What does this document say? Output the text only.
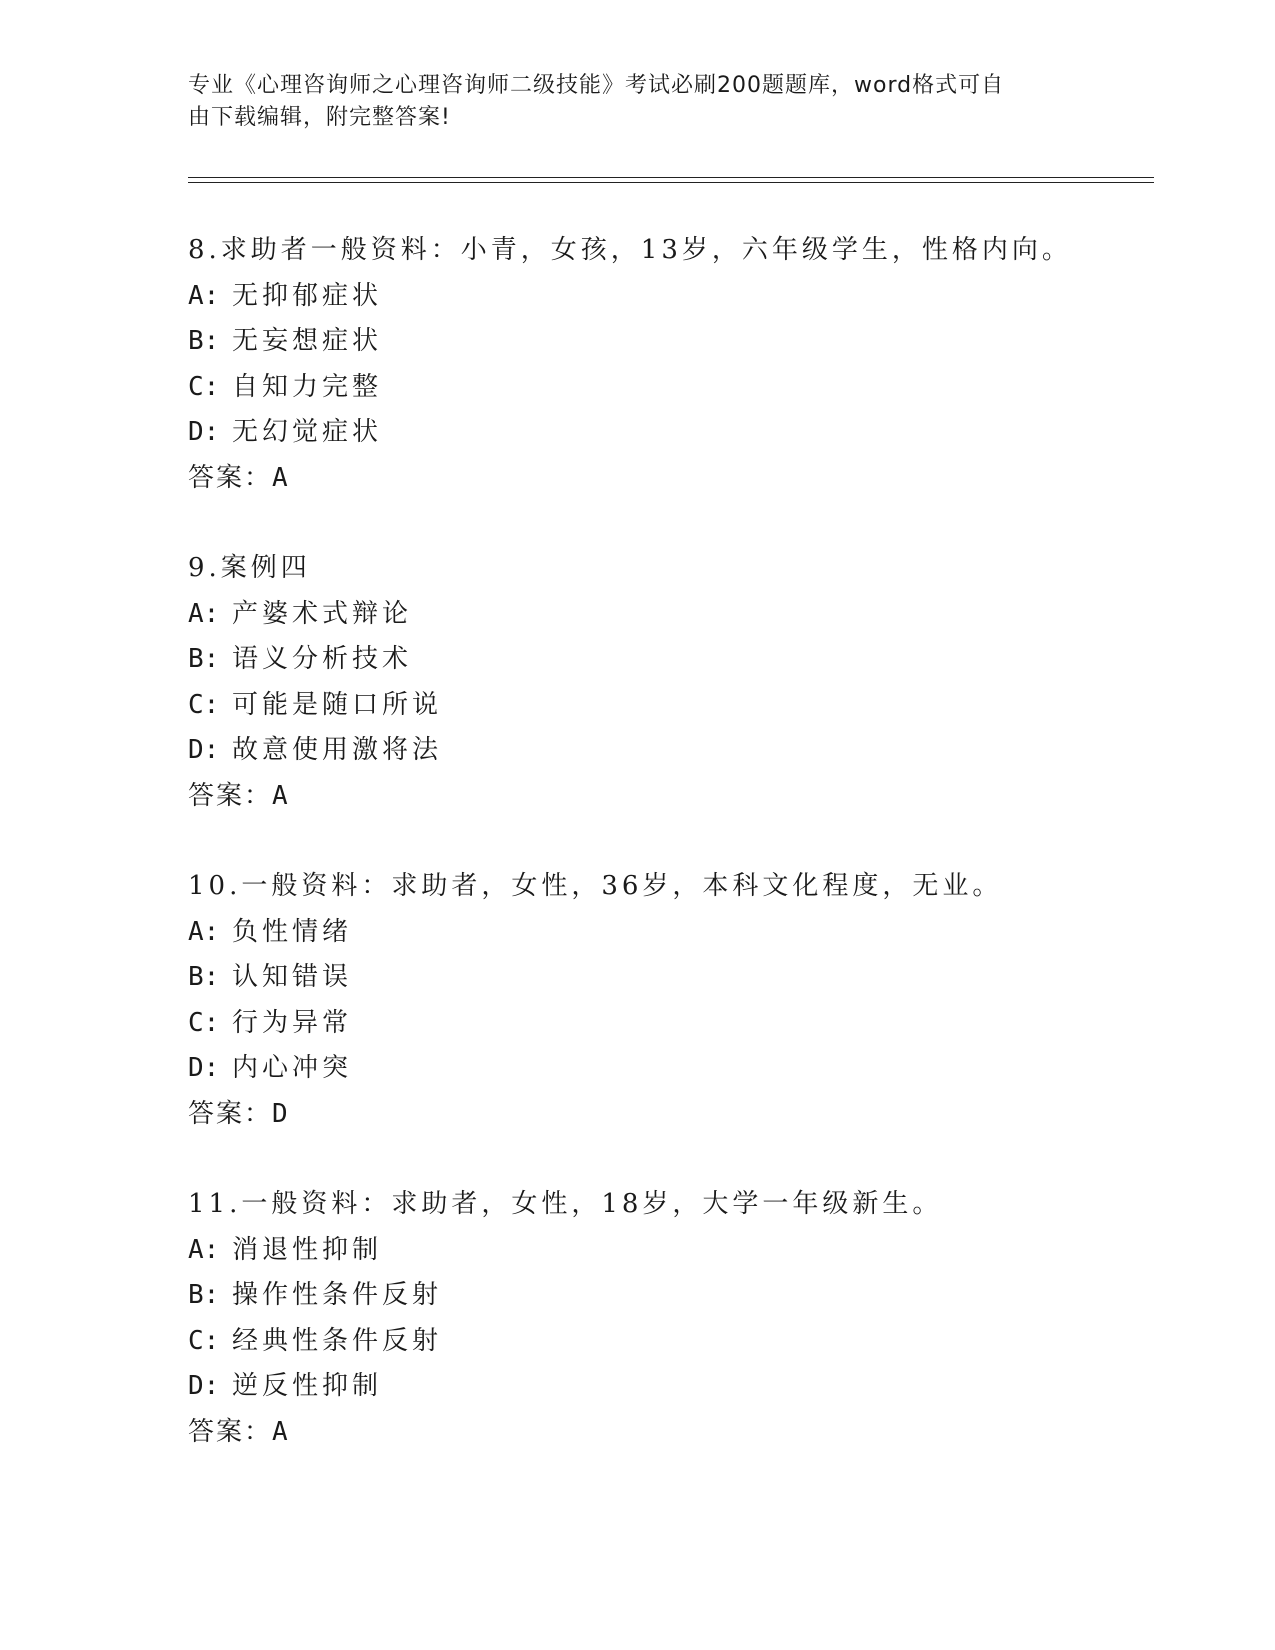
专业《心理咨询师之心理咨询师二级技能》考试必刷200题题库，word格式可自
由下载编辑，附完整答案!
8.求助者一般资料：小青，女孩，13岁，六年级学生，性格内向。
A: 无抑郁症状
B: 无妄想症状
C: 自知力完整
D: 无幻觉症状
答案：A
9.案例四
A: 产婆术式辩论
B: 语义分析技术
C: 可能是随口所说
D: 故意使用激将法
答案：A
10.一般资料：求助者，女性，36岁，本科文化程度，无业。
A: 负性情绪
B: 认知错误
C: 行为异常
D: 内心冲突
答案：D
11.一般资料：求助者，女性，18岁，大学一年级新生。
A: 消退性抑制
B: 操作性条件反射
C: 经典性条件反射
D: 逆反性抑制
答案：A
